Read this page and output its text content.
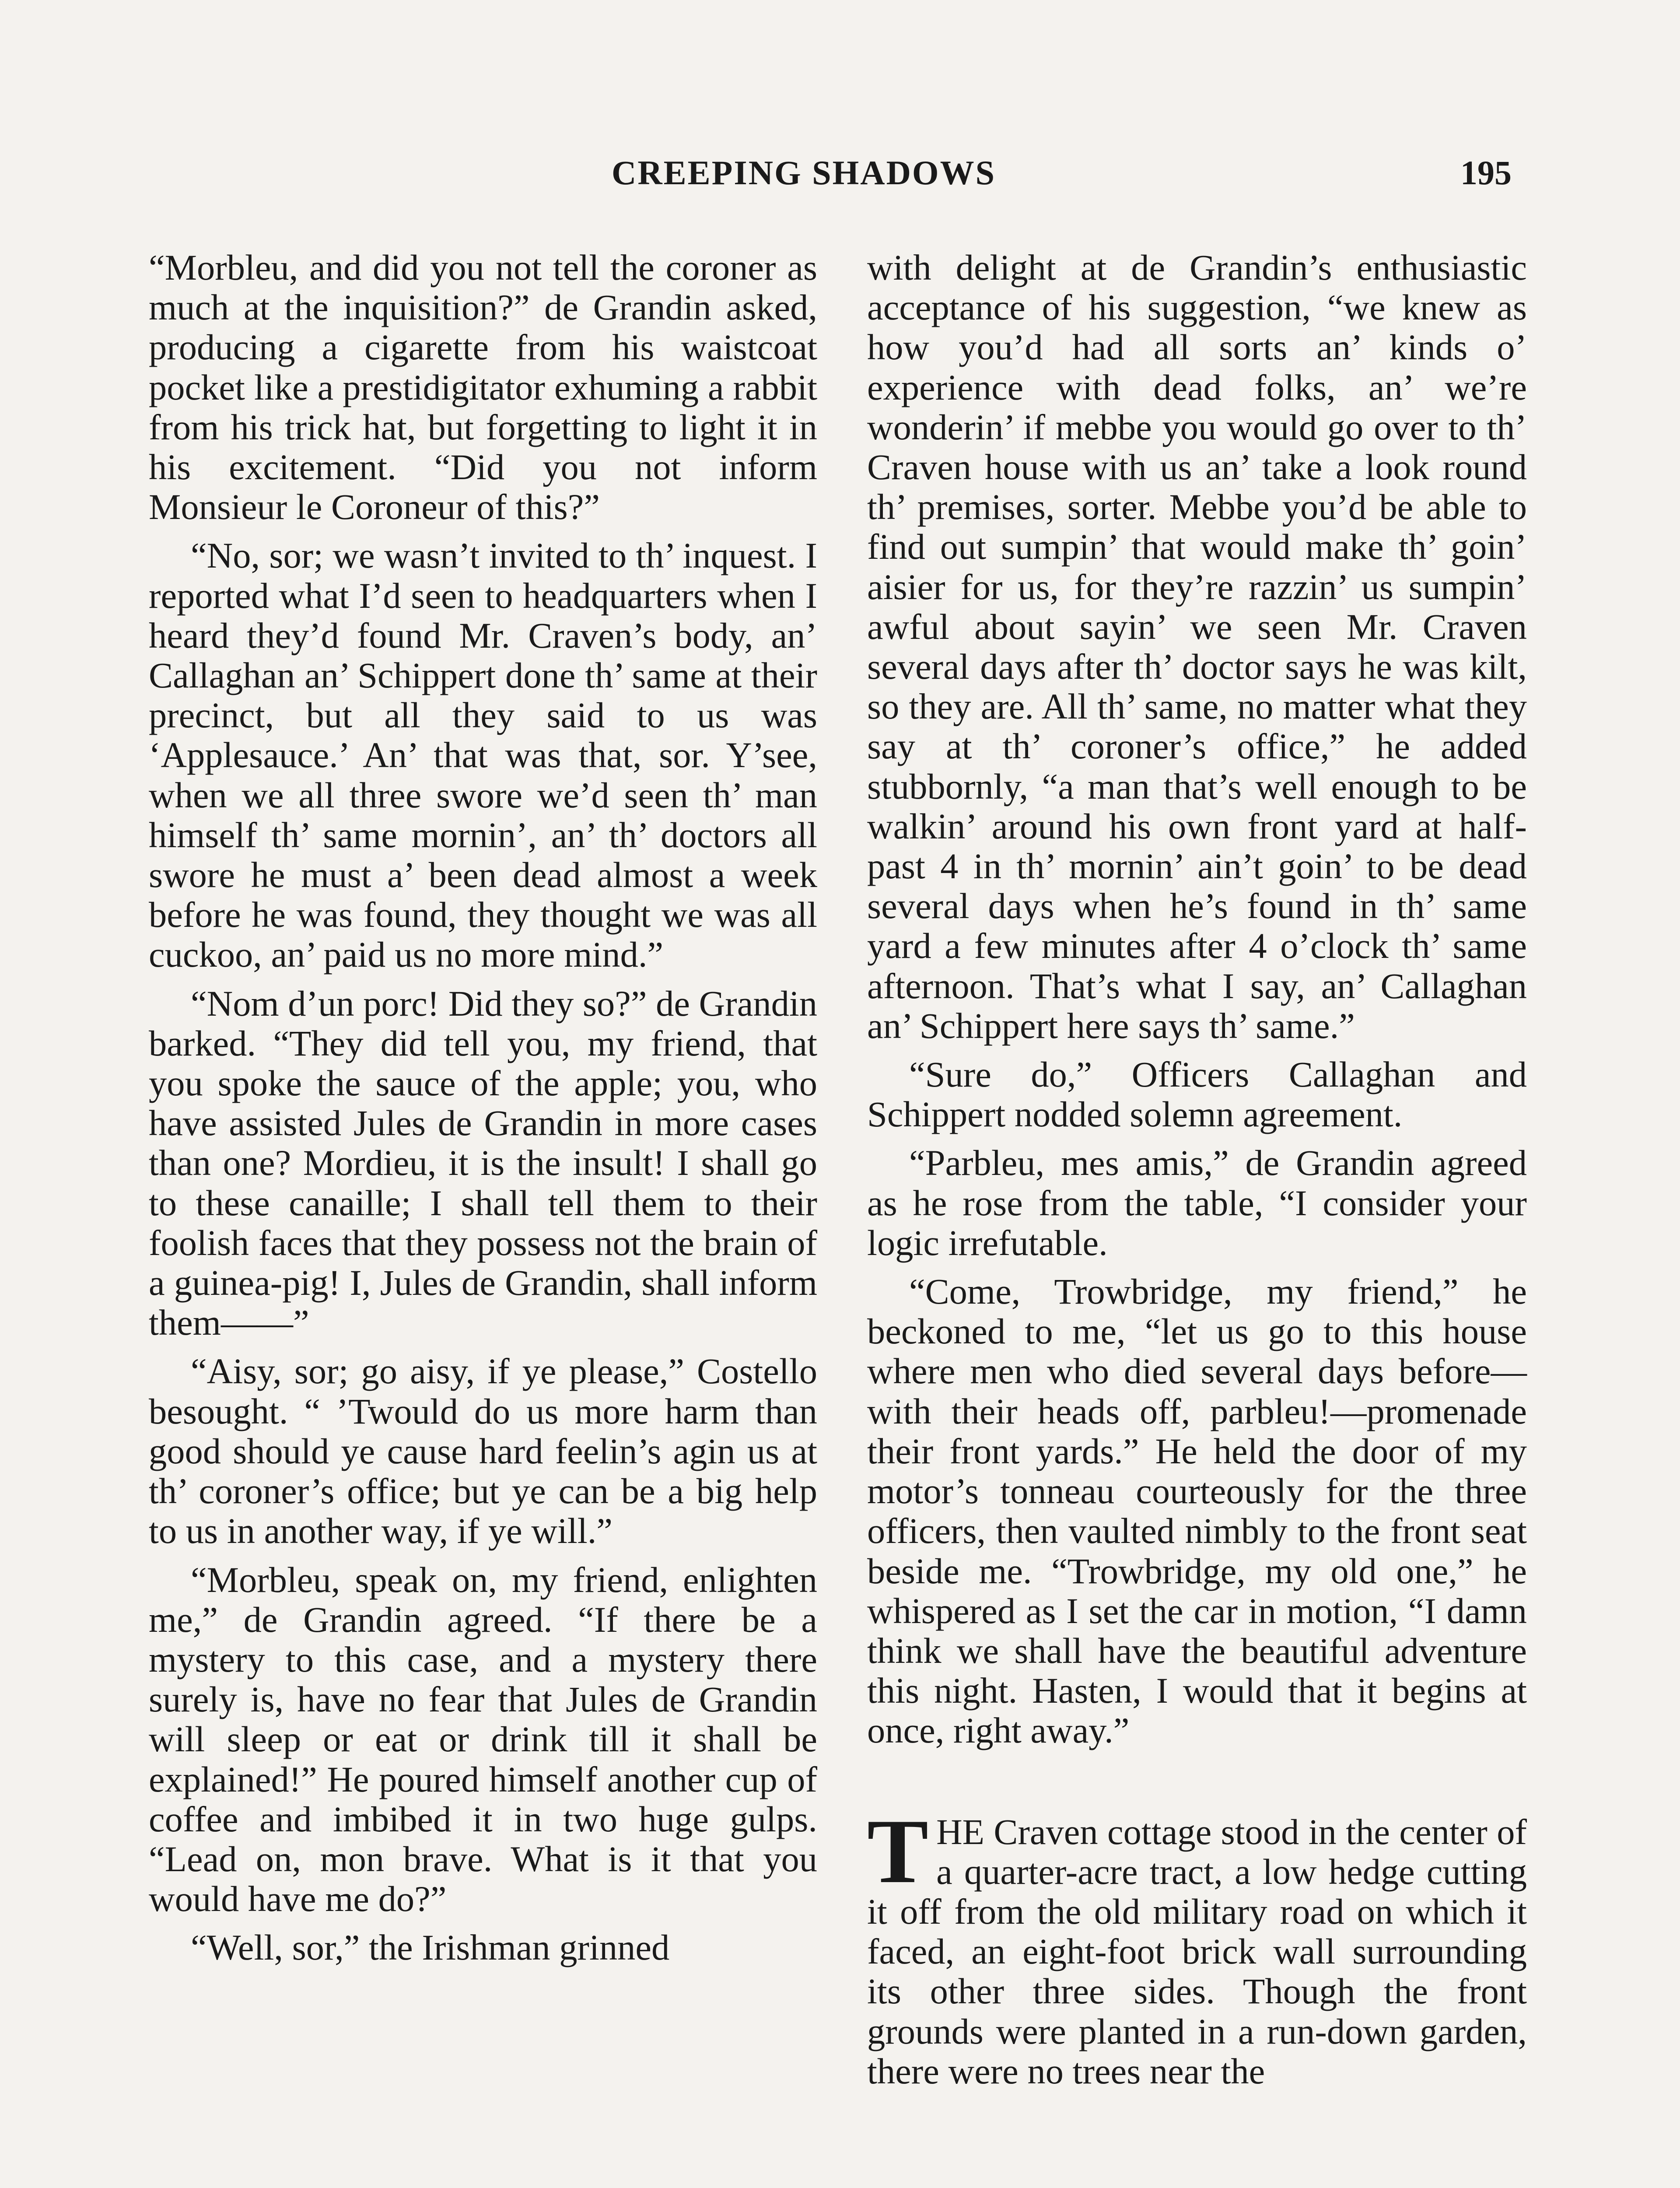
CREEPING SHADOWS	195

“Morbleu, and did you not tell the coroner as much at the inquisition?” de Grandin asked, producing a cigarette from his waistcoat pocket like a prestidigitator exhuming a rabbit from his trick hat, but forgetting to light it in his excitement. “Did you not inform Monsieur le Coroneur of this?”

“No, sor; we wasn’t invited to th’ inquest. I reported what I’d seen to headquarters when I heard they’d found Mr. Craven’s body, an’ Callaghan an’ Schippert done th’ same at their precinct, but all they said to us was ‘Applesauce.’ An’ that was that, sor. Y’see, when we all three swore we’d seen th’ man himself th’ same mornin’, an’ th’ doctors all swore he must a’ been dead almost a week before he was found, they thought we was all cuckoo, an’ paid us no more mind.”

“Nom d’un porc! Did they so?” de Grandin barked. “They did tell you, my friend, that you spoke the sauce of the apple; you, who have assisted Jules de Grandin in more cases than one? Mordieu, it is the insult! I shall go to these canaille; I shall tell them to their foolish faces that they possess not the brain of a guinea-pig! I, Jules de Grandin, shall inform them——”

“Aisy, sor; go aisy, if ye please,” Costello besought. “ ’Twould do us more harm than good should ye cause hard feelin’s agin us at th’ coroner’s office; but ye can be a big help to us in another way, if ye will.”

“Morbleu, speak on, my friend, enlighten me,” de Grandin agreed. “If there be a mystery to this case, and a mystery there surely is, have no fear that Jules de Grandin will sleep or eat or drink till it shall be explained!” He poured himself another cup of coffee and imbibed it in two huge gulps. “Lead on, mon brave. What is it that you would have me do?”

“Well, sor,” the Irishman grinned

with delight at de Grandin’s enthusiastic acceptance of his suggestion, “we knew as how you’d had all sorts an’ kinds o’ experience with dead folks, an’ we’re wonderin’ if mebbe you would go over to th’ Craven house with us an’ take a look round th’ premises, sorter. Mebbe you’d be able to find out sumpin’ that would make th’ goin’ aisier for us, for they’re razzin’ us sumpin’ awful about sayin’ we seen Mr. Craven several days after th’ doctor says he was kilt, so they are. All th’ same, no matter what they say at th’ coroner’s office,” he added stubbornly, “a man that’s well enough to be walkin’ around his own front yard at half-past 4 in th’ mornin’ ain’t goin’ to be dead several days when he’s found in th’ same yard a few minutes after 4 o’clock th’ same afternoon. That’s what I say, an’ Callaghan an’ Schippert here says th’ same.”

“Sure do,” Officers Callaghan and Schippert nodded solemn agreement.

“Parbleu, mes amis,” de Grandin agreed as he rose from the table, “I consider your logic irrefutable.

“Come, Trowbridge, my friend,” he beckoned to me, “let us go to this house where men who died several days before—with their heads off, parbleu!—promenade their front yards.” He held the door of my motor’s tonneau courteously for the three officers, then vaulted nimbly to the front seat beside me. “Trowbridge, my old one,” he whispered as I set the car in motion, “I damn think we shall have the beautiful adventure this night. Hasten, I would that it begins at once, right away.”

THE Craven cottage stood in the center of a quarter-acre tract, a low hedge cutting it off from the old military road on which it faced, an eight-foot brick wall surrounding its other three sides. Though the front grounds were planted in a run-down garden, there were no trees near the
